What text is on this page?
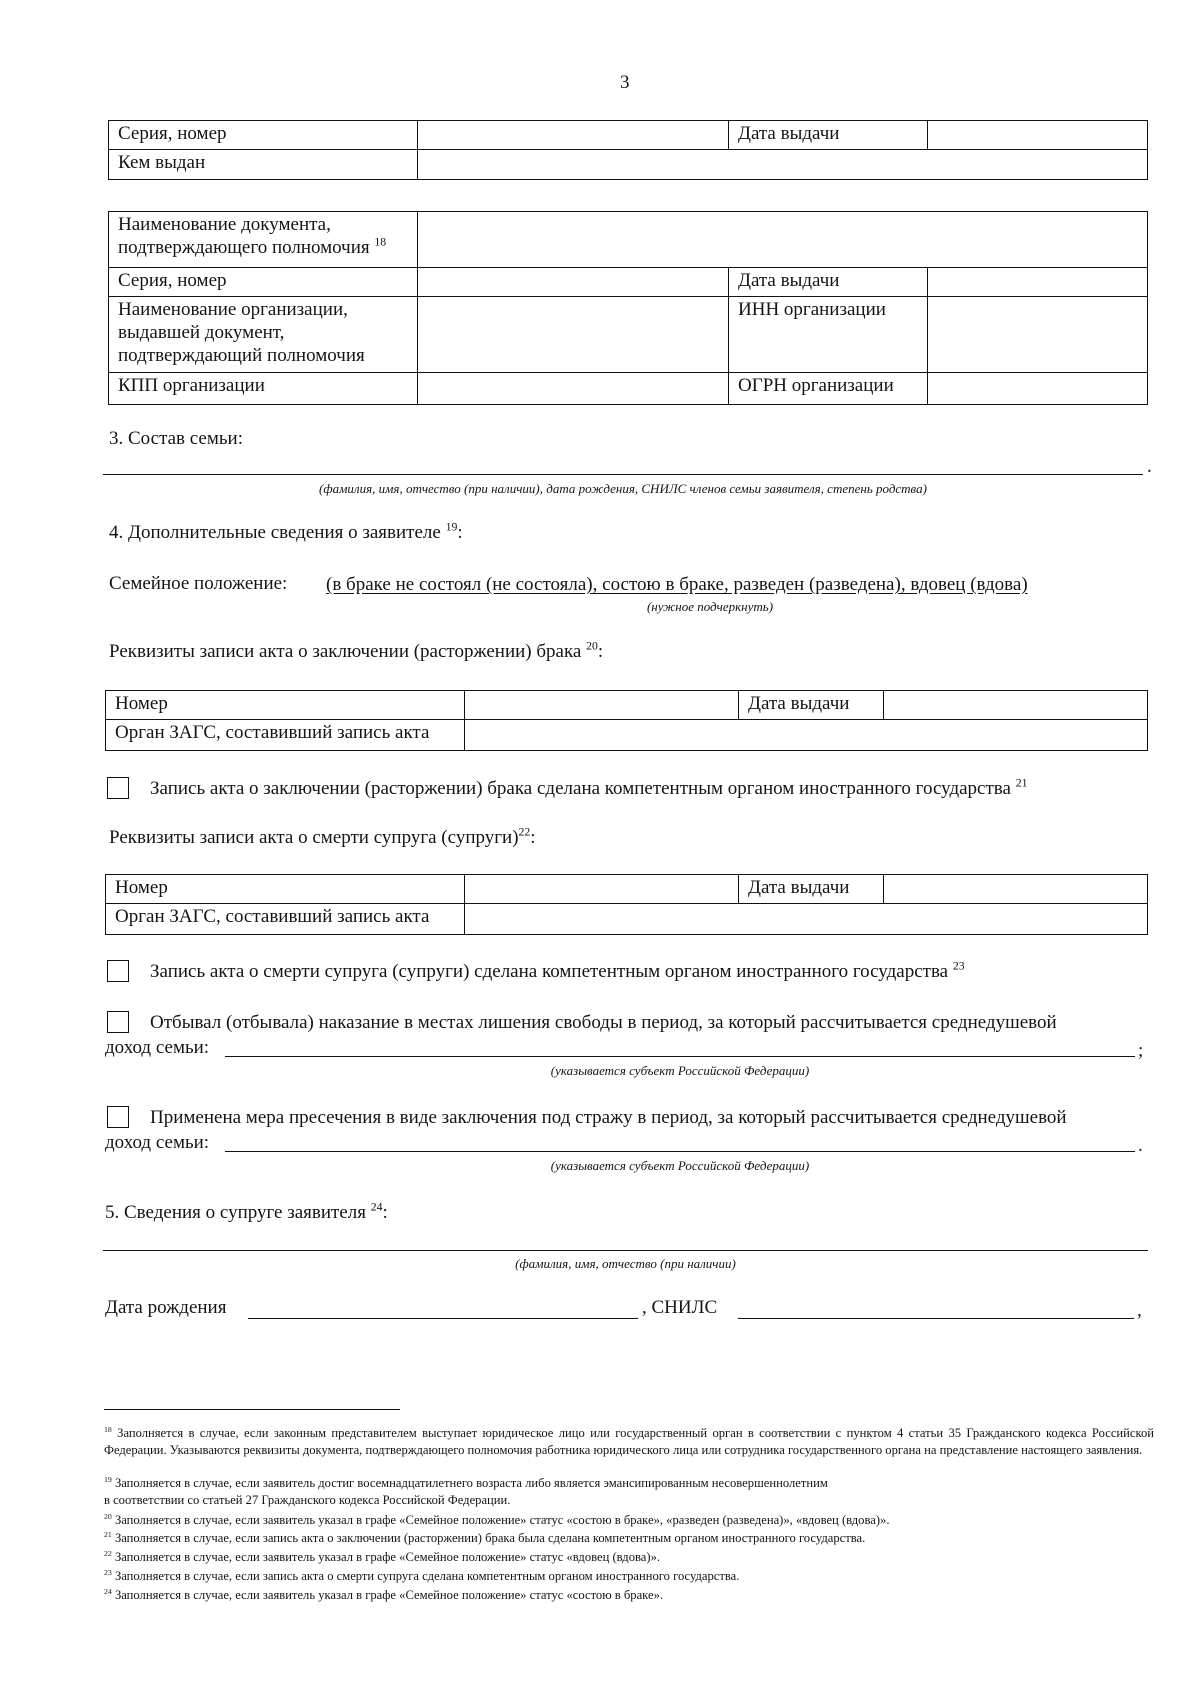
3
Серия, номер		Дата выдачи	
Кем выдан			
Наименование документа,
подтверждающего полномочия $^{18}$	
Серия, номер		Дата выдачи	
Наименование организации,
выдавшей документ,
подтверждающий полномочия		ИНН организации	
КПП организации		ОГРН организации	
3. Состав семьи:
.
(фамилия, имя, отчество (при наличии), дата рождения, СНИЛС членов семьи заявителя, степень родства)
4. Дополнительные сведения о заявителе $^{19}$:
Семейное положение: (в браке не состоял (не состояла), состою в браке, разведен (разведена), вдовец (вдова)
(нужное подчеркнуть)
Реквизиты записи акта о заключении (расторжении) брака $^{20}$:
Номер		Дата выдачи	
Орган ЗАГС, составивший запись акта			
Запись акта о заключении (расторжении) брака сделана компетентным органом иностранного государства $^{21}$
Реквизиты записи акта о смерти супруга (супруги)$^{22}$:
Номер		Дата выдачи	
Орган ЗАГС, составивший запись акта			
Запись акта о смерти супруга (супруги) сделана компетентным органом иностранного государства $^{23}$
Отбывал (отбывала) наказание в местах лишения свободы в период, за который рассчитывается среднедушевой
доход семьи:	;
(указывается субъект Российской Федерации)
Применена мера пресечения в виде заключения под стражу в период, за который рассчитывается среднедушевой
доход семьи:	.
(указывается субъект Российской Федерации)
5. Сведения о супруге заявителя $^{24}$:
(фамилия, имя, отчество (при наличии)
Дата рождения	, СНИЛС	,
$^{18}$ Заполняется в случае, если законным представителем выступает юридическое лицо или государственный орган в соответствии с пунктом 4 статьи 35 Гражданского кодекса Российской Федерации. Указываются реквизиты документа, подтверждающего полномочия работника юридического лица или сотрудника государственного органа на представление настоящего заявления.
$^{19}$ Заполняется в случае, если заявитель достиг восемнадцатилетнего возраста либо является эмансипированным несовершеннолетним
в соответствии со статьей 27 Гражданского кодекса Российской Федерации.
$^{20}$ Заполняется в случае, если заявитель указал в графе «Семейное положение» статус «состою в браке», «разведен (разведена)», «вдовец (вдова)».
$^{21}$ Заполняется в случае, если запись акта о заключении (расторжении) брака была сделана компетентным органом иностранного государства.
$^{22}$ Заполняется в случае, если заявитель указал в графе «Семейное положение» статус «вдовец (вдова)».
$^{23}$ Заполняется в случае, если запись акта о смерти супруга сделана компетентным органом иностранного государства.
$^{24}$ Заполняется в случае, если заявитель указал в графе «Семейное положение» статус «состою в браке».
